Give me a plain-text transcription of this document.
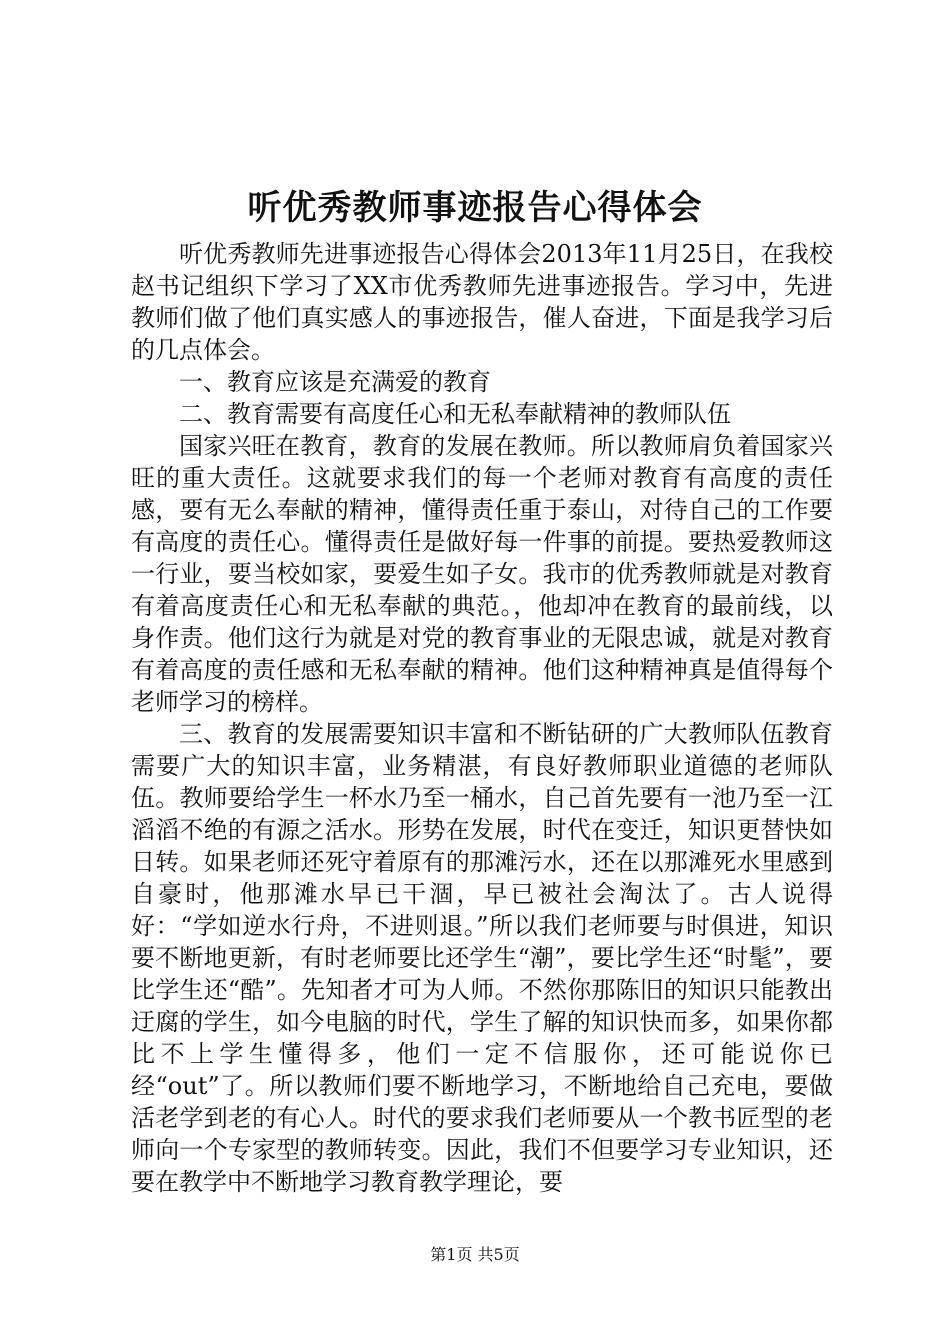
听优秀教师事迹报告心得体会

听优秀教师先进事迹报告心得体会2013年11月25日，在我校赵书记组织下学习了XX市优秀教师先进事迹报告。学习中，先进教师们做了他们真实感人的事迹报告，催人奋进，下面是我学习后的几点体会。

一、教育应该是充满爱的教育

二、教育需要有高度任心和无私奉献精神的教师队伍

国家兴旺在教育，教育的发展在教师。所以教师肩负着国家兴旺的重大责任。这就要求我们的每一个老师对教育有高度的责任感，要有无么奉献的精神，懂得责任重于泰山，对待自己的工作要有高度的责任心。懂得责任是做好每一件事的前提。要热爱教师这一行业，要当校如家，要爱生如子女。我市的优秀教师就是对教育有着高度责任心和无私奉献的典范。，他却冲在教育的最前线，以身作责。他们这行为就是对党的教育事业的无限忠诚，就是对教育有着高度的责任感和无私奉献的精神。他们这种精神真是值得每个老师学习的榜样。

三、教育的发展需要知识丰富和不断钻研的广大教师队伍教育需要广大的知识丰富，业务精湛，有良好教师职业道德的老师队伍。教师要给学生一杯水乃至一桶水，自己首先要有一池乃至一江滔滔不绝的有源之活水。形势在发展，时代在变迁，知识更替快如日转。如果老师还死守着原有的那滩污水，还在以那滩死水里感到自豪时，他那滩水早已干涸，早已被社会淘汰了。古人说得好：“学如逆水行舟，不进则退。”所以我们老师要与时俱进，知识要不断地更新，有时老师要比还学生“潮”，要比学生还“时髦”，要比学生还“酷”。先知者才可为人师。不然你那陈旧的知识只能教出迂腐的学生，如今电脑的时代，学生了解的知识快而多，如果你都比不上学生懂得多，他们一定不信服你，还可能说你已经“out”了。所以教师们要不断地学习，不断地给自己充电，要做活老学到老的有心人。时代的要求我们老师要从一个教书匠型的老师向一个专家型的教师转变。因此，我们不但要学习专业知识，还要在教学中不断地学习教育教学理论，要

第1页 共5页
